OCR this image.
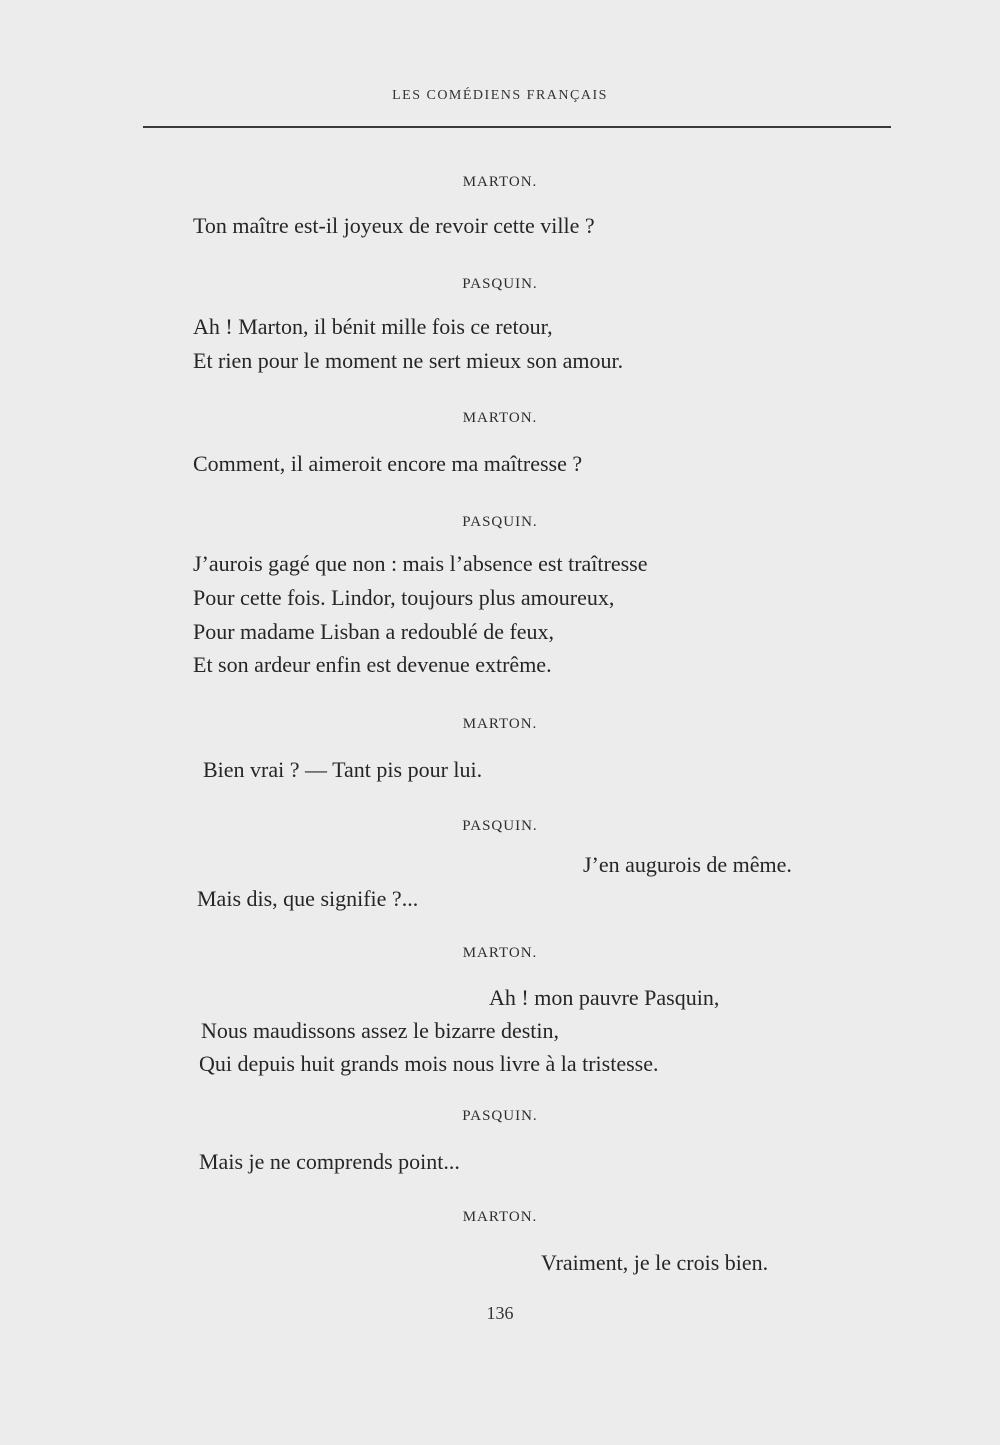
LES COMÉDIENS FRANÇAIS
MARTON.
Ton maître est-il joyeux de revoir cette ville ?
PASQUIN.
Ah ! Marton, il bénit mille fois ce retour,
Et rien pour le moment ne sert mieux son amour.
MARTON.
Comment, il aimeroit encore ma maîtresse ?
PASQUIN.
J’aurois gagé que non : mais l’absence est traîtresse
Pour cette fois. Lindor, toujours plus amoureux,
Pour madame Lisban a redoublé de feux,
Et son ardeur enfin est devenue extrême.
MARTON.
Bien vrai ? — Tant pis pour lui.
PASQUIN.
J’en augurois de même.
Mais dis, que signifie ?...
MARTON.
Ah ! mon pauvre Pasquin,
Nous maudissons assez le bizarre destin,
Qui depuis huit grands mois nous livre à la tristesse.
PASQUIN.
Mais je ne comprends point...
MARTON.
Vraiment, je le crois bien.
136
